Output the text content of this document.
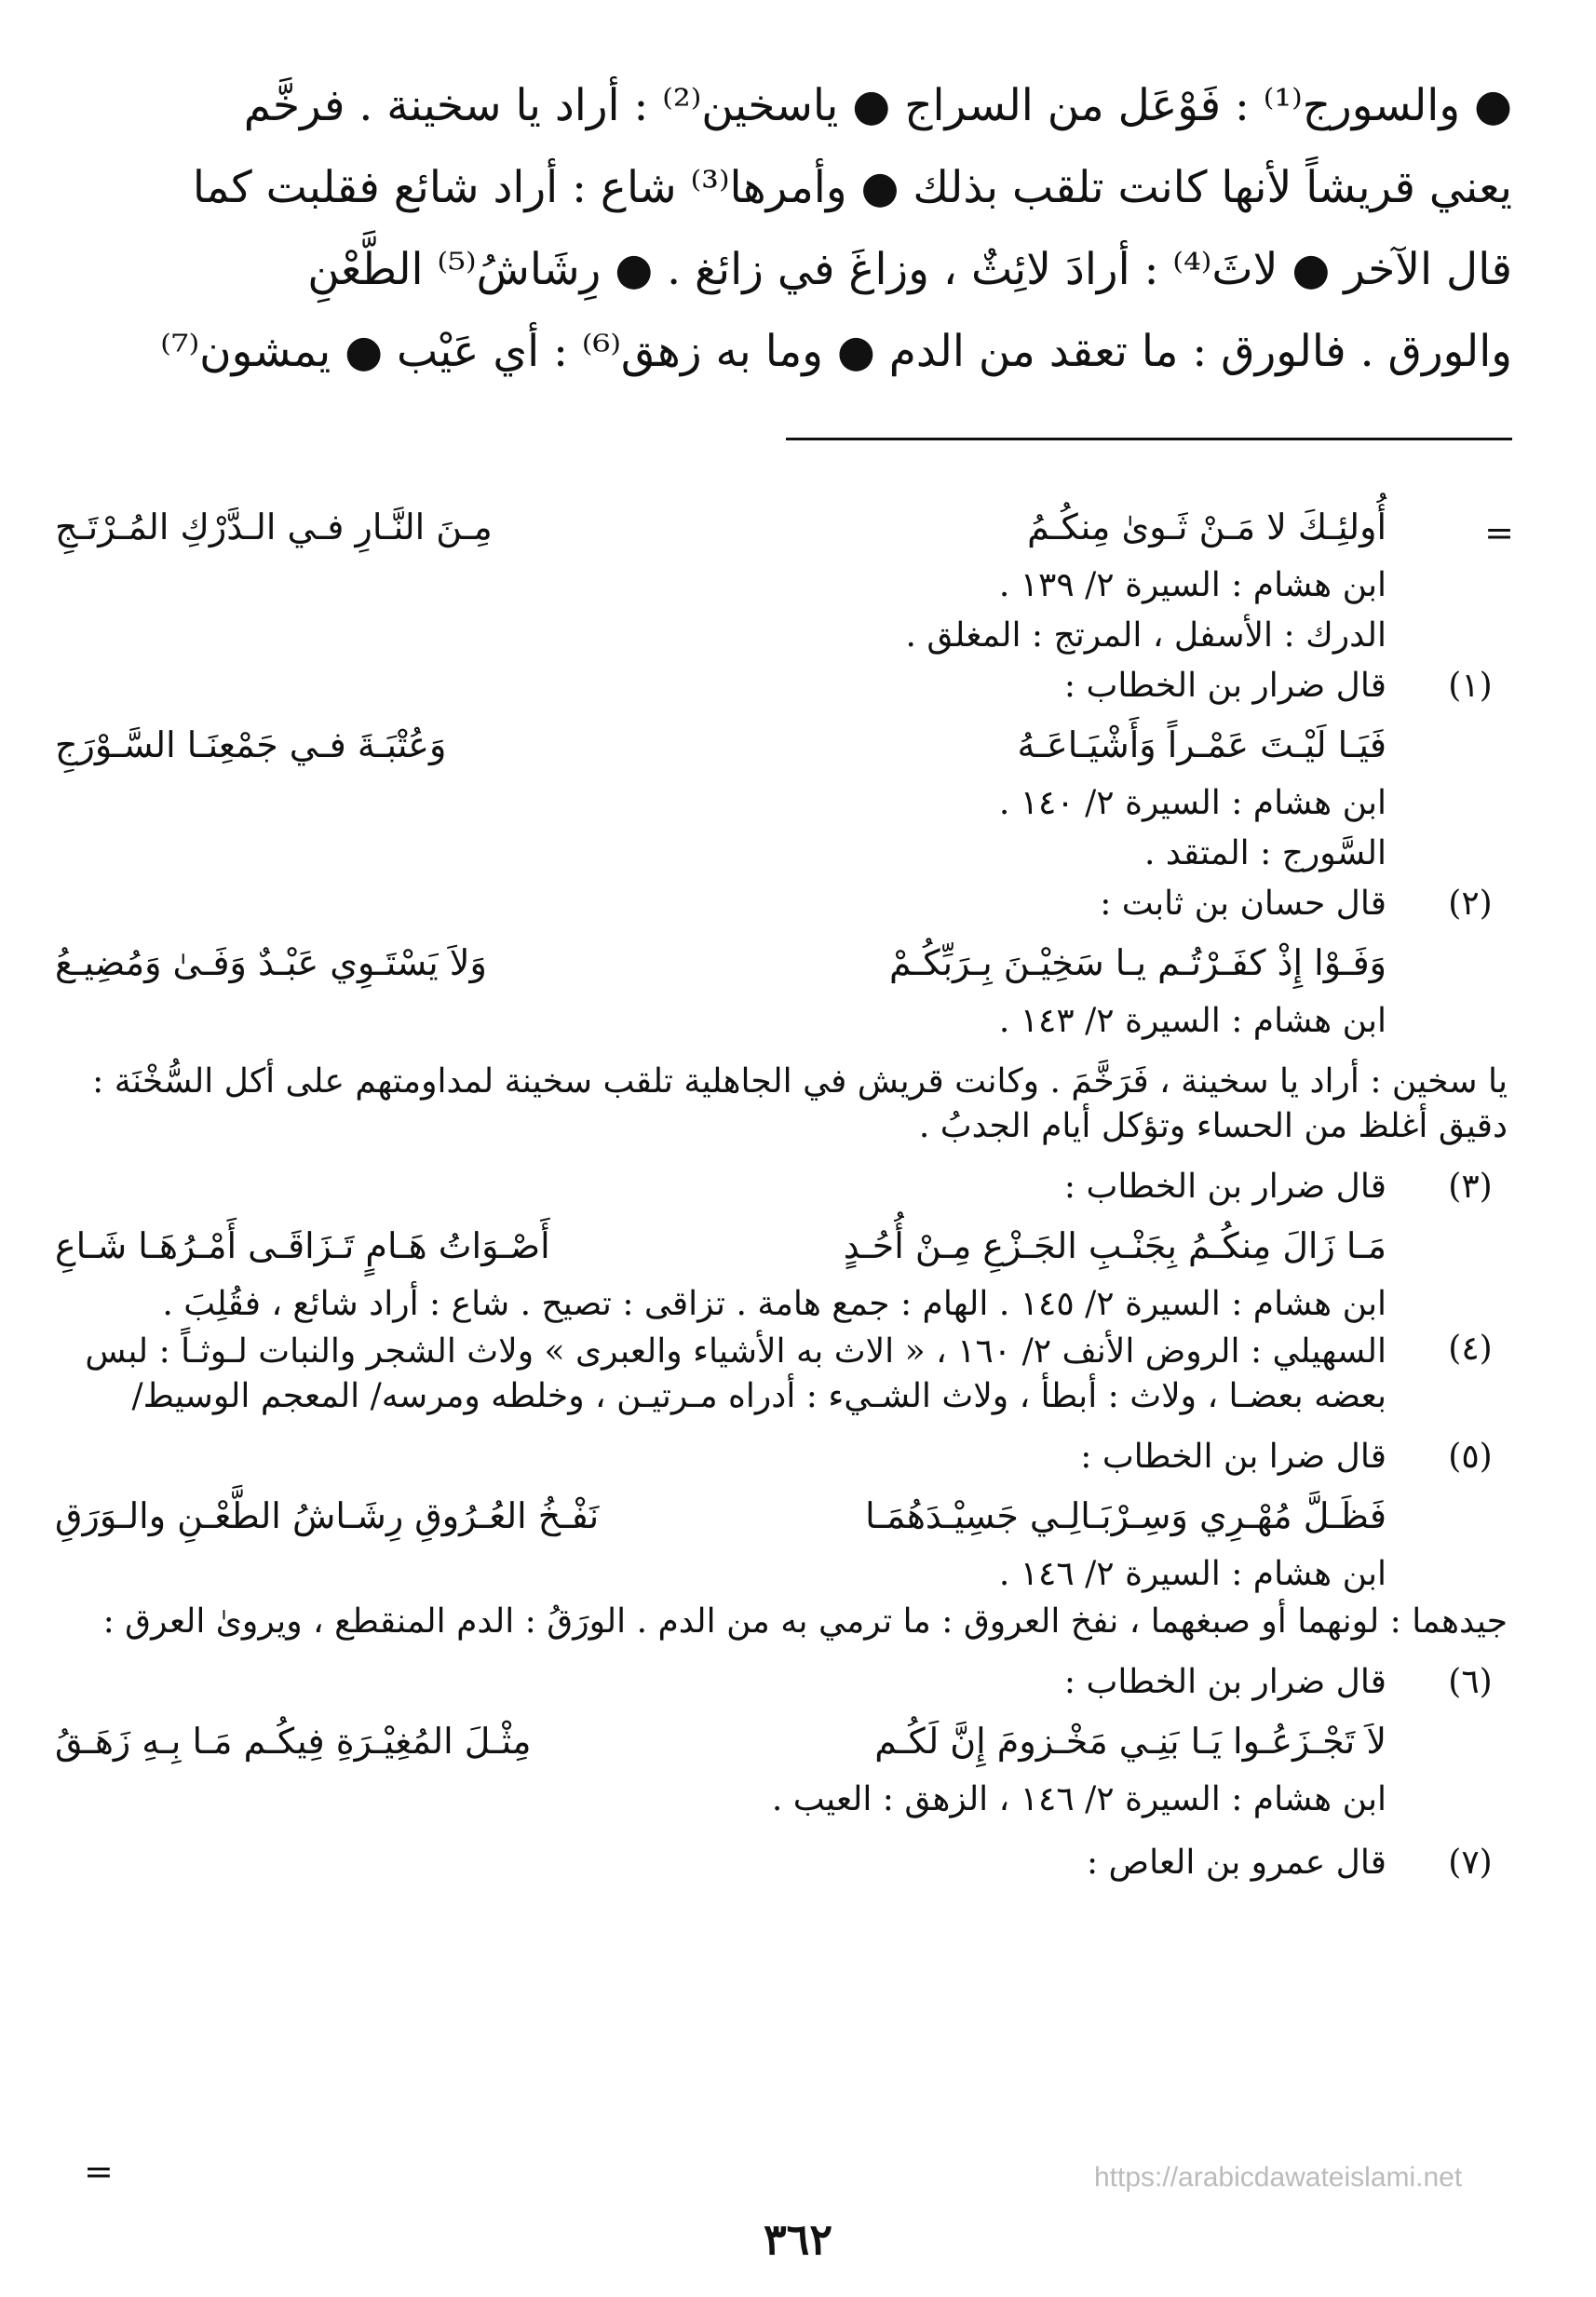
● والسورج⁽¹⁾ : فَوْعَل من السراج ● ياسخين⁽²⁾ : أراد يا سخينة . فرخَّم
يعني قريشاً لأنها كانت تلقب بذلك ● وأمرها⁽³⁾ شاع : أراد شائع فقلبت كما
قال الآخر ● لاثَ⁽⁴⁾ : أرادَ لائِثٌ ، وزاغَ في زائغ . ● رِشَاشُ⁽⁵⁾ الطَّعْنِ
والورق . فالورق : ما تعقد من الدم ● وما به زهق⁽⁶⁾ : أي عَيْب ● يمشون⁽⁷⁾
=
أُولئِـكَ لا مَـنْ ثَـوىٰ مِنكُـمُ
مِـنَ النَّـارِ فـي الـدَّرْكِ المُـرْتَـجِ
ابن هشام : السيرة ٢/ ١٣٩ .
الدرك : الأسفل ، المرتج : المغلق .
(١)
قال ضرار بن الخطاب :
فَيَـا لَيْـتَ عَمْـراً وَأَشْيَـاعَـهُ
وَعُتْبَـةَ فـي جَمْعِنَـا السَّـوْرَجِ
ابن هشام : السيرة ٢/ ١٤٠ .
السَّورج : المتقد .
(٢)
قال حسان بن ثابت :
وَفَـوْا إِذْ كفَـرْتُـم يـا سَخِيْـنَ بِـرَبِّكُـمْ
وَلاَ يَسْتَـوِي عَبْـدٌ وَفَـىٰ وَمُضِيـعُ
ابن هشام : السيرة ٢/ ١٤٣ .
يا سخين : أراد يا سخينة ، فَرَخَّمَ . وكانت قريش في الجاهلية تلقب سخينة لمداومتهم على أكل السُّخْنَة : دقيق أغلظ من الحساء وتؤكل أيام الجدبُ .
(٣)
قال ضرار بن الخطاب :
مَـا زَالَ مِنكُـمُ بِجَنْـبِ الجَـزْعِ مِـنْ أُحُـدٍ
أَصْـوَاتُ هَـامٍ تَـزَاقَـى أَمْـرُهَـا شَـاعِ
ابن هشام : السيرة ٢/ ١٤٥ . الهام : جمع هامة . تزاقى : تصيح . شاع : أراد شائع ، فقُلِبَ .
(٤)
السهيلي : الروض الأنف ٢/ ١٦٠ ، « الاث به الأشياء والعبرى » ولاث الشجر والنبات لـوثـاً : لبس بعضه بعضـا ، ولاث : أبطأ ، ولاث الشـيء : أدراه مـرتيـن ، وخلطه ومرسه/ المعجم الوسيط/
(٥)
قال ضرا بن الخطاب :
فَظَـلَّ مُهْـرِي وَسِـرْبَـالِـي جَسِيْـدَهُمَـا
نَفْـخُ العُـرُوقِ رِشَـاشُ الطَّعْـنِ والـوَرَقِ
ابن هشام : السيرة ٢/ ١٤٦ .
جيدهما : لونهما أو صبغهما ، نفخ العروق : ما ترمي به من الدم . الورَقُ : الدم المنقطع ، ويروىٰ العرق :
(٦)
قال ضرار بن الخطاب :
لاَ تَجْـزَعُـوا يَـا بَنِـي مَخْـزومَ إِنَّ لَكُـم
مِثْـلَ المُغِيْـرَةِ فِيكُـم مَـا بِـهِ زَهَـقُ
ابن هشام : السيرة ٢/ ١٤٦ ، الزهق : العيب .
(٧)
قال عمرو بن العاص :
=	https://arabicdawateislami.net
٣٦٢
